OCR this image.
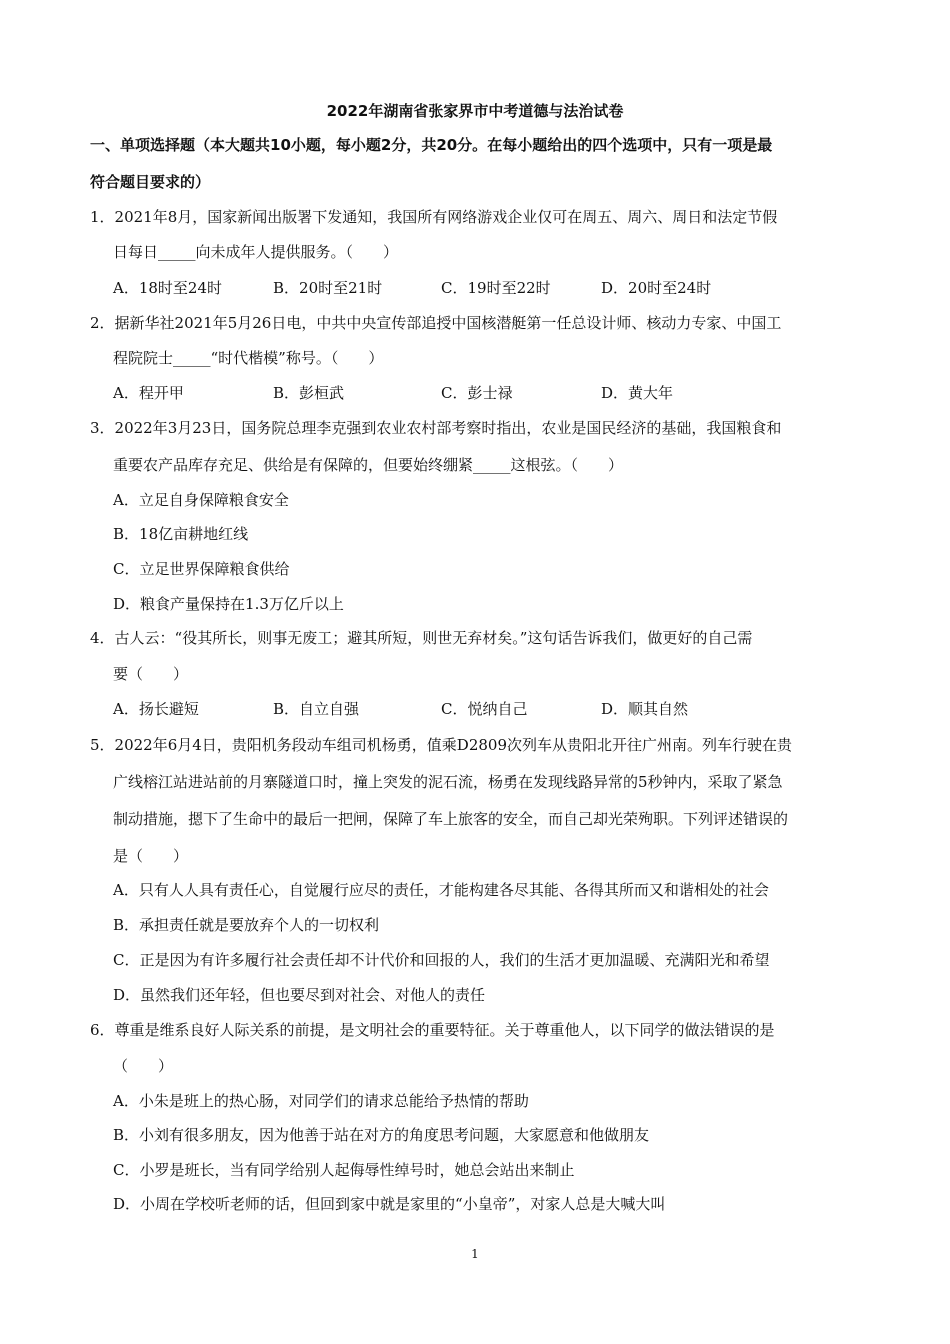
2022年湖南省张家界市中考道德与法治试卷
一、单项选择题（本大题共10小题，每小题2分，共20分。在每小题给出的四个选项中，只有一项是最
符合题目要求的）
1．2021年8月，国家新闻出版署下发通知，我国所有网络游戏企业仅可在周五、周六、周日和法定节假
日每日_____向未成年人提供服务。（　　）
A．18时至24时	B．20时至21时	C．19时至22时	D．20时至24时
2．据新华社2021年5月26日电，中共中央宣传部追授中国核潜艇第一任总设计师、核动力专家、中国工
程院院士_____“时代楷模”称号。（　　）
A．程开甲	B．彭桓武	C．彭士禄	D．黄大年
3．2022年3月23日，国务院总理李克强到农业农村部考察时指出，农业是国民经济的基础，我国粮食和
重要农产品库存充足、供给是有保障的，但要始终绷紧_____这根弦。（　　）
A．立足自身保障粮食安全
B．18亿亩耕地红线
C．立足世界保障粮食供给
D．粮食产量保持在1.3万亿斤以上
4．古人云：“役其所长，则事无废工；避其所短，则世无弃材矣。”这句话告诉我们，做更好的自己需
要（　　）
A．扬长避短	B．自立自强	C．悦纳自己	D．顺其自然
5．2022年6月4日，贵阳机务段动车组司机杨勇，值乘D2809次列车从贵阳北开往广州南。列车行驶在贵
广线榕江站进站前的月寨隧道口时，撞上突发的泥石流，杨勇在发现线路异常的5秒钟内，采取了紧急
制动措施，摁下了生命中的最后一把闸，保障了车上旅客的安全，而自己却光荣殉职。下列评述错误的
是（　　）
A．只有人人具有责任心，自觉履行应尽的责任，才能构建各尽其能、各得其所而又和谐相处的社会
B．承担责任就是要放弃个人的一切权利
C．正是因为有许多履行社会责任却不计代价和回报的人，我们的生活才更加温暖、充满阳光和希望
D．虽然我们还年轻，但也要尽到对社会、对他人的责任
6．尊重是维系良好人际关系的前提，是文明社会的重要特征。关于尊重他人，以下同学的做法错误的是
（　　）
A．小朱是班上的热心肠，对同学们的请求总能给予热情的帮助
B．小刘有很多朋友，因为他善于站在对方的角度思考问题，大家愿意和他做朋友
C．小罗是班长，当有同学给别人起侮辱性绰号时，她总会站出来制止
D．小周在学校听老师的话，但回到家中就是家里的“小皇帝”，对家人总是大喊大叫
1
